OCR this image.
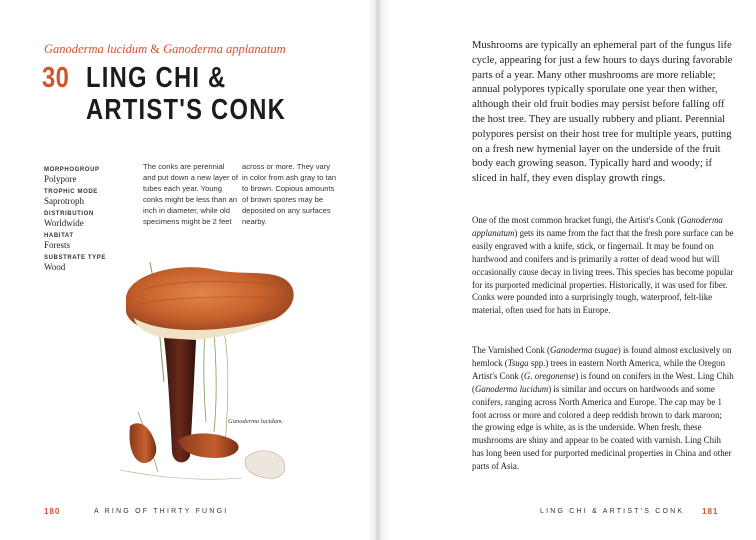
Ganoderma lucidum & Ganoderma applanatum
30 LING CHI &
ARTIST'S CONK
MORPHOGROUP
Polypore
TROPHIC MODE
Saprotroph
DISTRIBUTION
Worldwide
HABITAT
Forests
SUBSTRATE TYPE
Wood
The conks are perennial and put down a new layer of tubes each year. Young conks might be less than an inch in diameter, while old specimens might be 2 feet
across or more. They vary in color from ash gray to tan to brown. Copious amounts of brown spores may be deposited on any surfaces nearby.
Ganoderma lucidum.
180	A RING OF THIRTY FUNGI

Mushrooms are typically an ephemeral part of the fungus life cycle, appearing for just a few hours to days during favorable parts of a year. Many other mushrooms are more reliable; annual polypores typically sporulate one year then wither, although their old fruit bodies may persist before falling off the host tree. They are usually rubbery and pliant. Perennial polypores persist on their host tree for multiple years, putting on a fresh new hymenial layer on the underside of the fruit body each growing season. Typically hard and woody; if sliced in half, they even display growth rings.

One of the most common bracket fungi, the Artist's Conk (Ganoderma applanatum) gets its name from the fact that the fresh pore surface can be easily engraved with a knife, stick, or fingernail. It may be found on hardwood and conifers and is primarily a rotter of dead wood but will occasionally cause decay in living trees. This species has become popular for its purported medicinal properties. Historically, it was used for fiber. Conks were pounded into a surprisingly tough, waterproof, felt-like material, often used for hats in Europe.

The Varnished Conk (Ganoderma tsugae) is found almost exclusively on hemlock (Tsuga spp.) trees in eastern North America, while the Oregon Artist's Conk (G. oregonense) is found on conifers in the West. Ling Chih (Ganoderma lucidum) is similar and occurs on hardwoods and some conifers, ranging across North America and Europe. The cap may be 1 foot across or more and colored a deep reddish brown to dark maroon; the growing edge is white, as is the underside. When fresh, these mushrooms are shiny and appear to be coated with varnish. Ling Chih has long been used for purported medicinal properties in China and other parts of Asia.

LING CHI & ARTIST'S CONK 181
